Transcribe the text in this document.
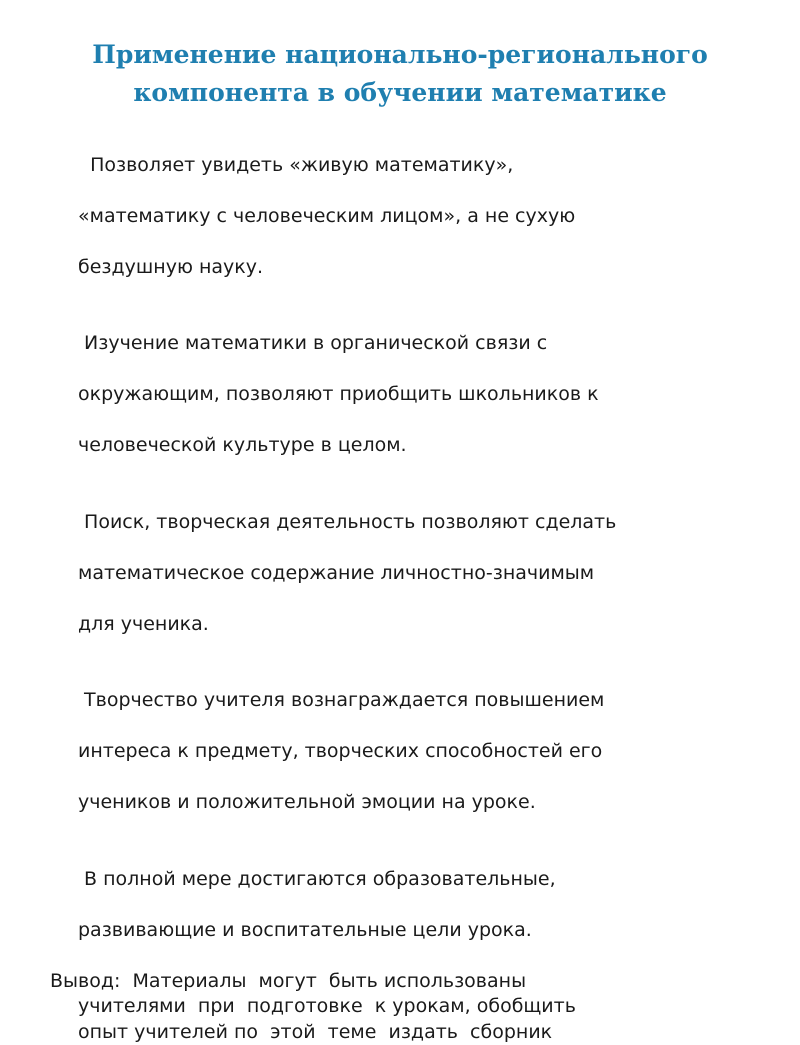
Применение национально-регионального
компонента в обучении математике

Позволяет увидеть «живую математику»,

«математику с человеческим лицом», а не сухую

бездушную науку.

Изучение математики в органической связи с

окружающим, позволяют приобщить школьников к

человеческой культуре в целом.

Поиск, творческая деятельность позволяют сделать

математическое содержание личностно-значимым

для ученика.

Творчество учителя вознаграждается повышением

интереса к предмету, творческих способностей его

учеников и положительной эмоции на уроке.

В полной мере достигаются образовательные,

развивающие и воспитательные цели урока.

Вывод:  Материалы  могут  быть использованы
учителями  при  подготовке  к урокам, обобщить
опыт учителей по  этой  теме  издать  сборник
